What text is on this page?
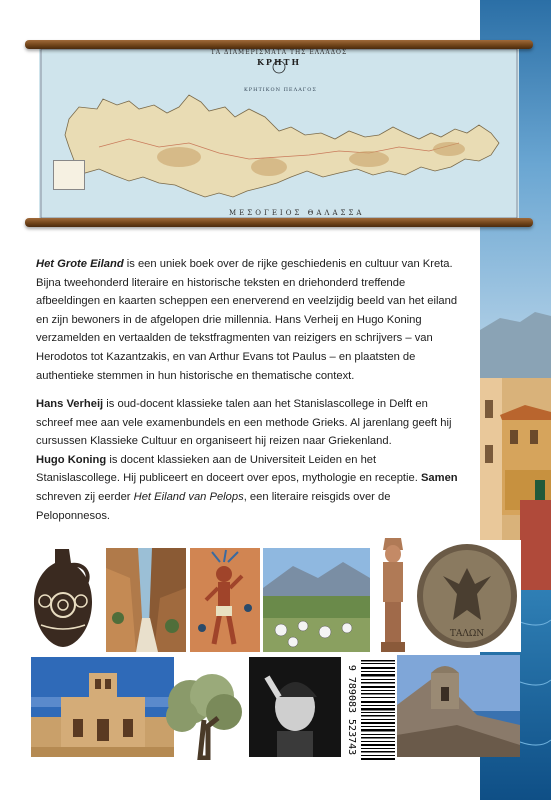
ΤΑ ΔΙΑΜΕΡΙΣΜΑΤΑ ΤΗΣ ΕΛΛΑΔΟΣ
ΚΡΗΤΗ
ΚΡΗΤΙΚΟΝ ΠΕΛΑΓΟΣ
ΜΕΣΟΓΕΙΟΣ ΘΑΛΑΣΣΑ

Het Grote Eiland is een uniek boek over de rijke geschiedenis en cultuur van Kreta. Bijna tweehonderd literaire en historische teksten en driehonderd treffende afbeeldingen en kaarten scheppen een enerverend en veelzijdig beeld van het eiland en zijn bewoners in de afgelopen drie millennia. Hans Verheij en Hugo Koning verzamelden en vertaalden de tekstfragmenten van reizigers en schrijvers – van Herodotos tot Kazantzakis, en van Arthur Evans tot Paulus – en plaatsten de authentieke stemmen in hun historische en thematische context.

Hans Verheij is oud-docent klassieke talen aan het Stanislascollege in Delft en schreef mee aan vele examenbundels en een methode Grieks. Al jarenlang geeft hij cursussen Klassieke Cultuur en organiseert hij reizen naar Griekenland.
Hugo Koning is docent klassieken aan de Universiteit Leiden en het Stanislascollege. Hij publiceert en doceert over epos, mythologie en receptie. Samen schreven zij eerder Het Eiland van Pelops, een literaire reisgids over de Peloponnesos.

ΤΑΛΩΝ
9 789083 523743
